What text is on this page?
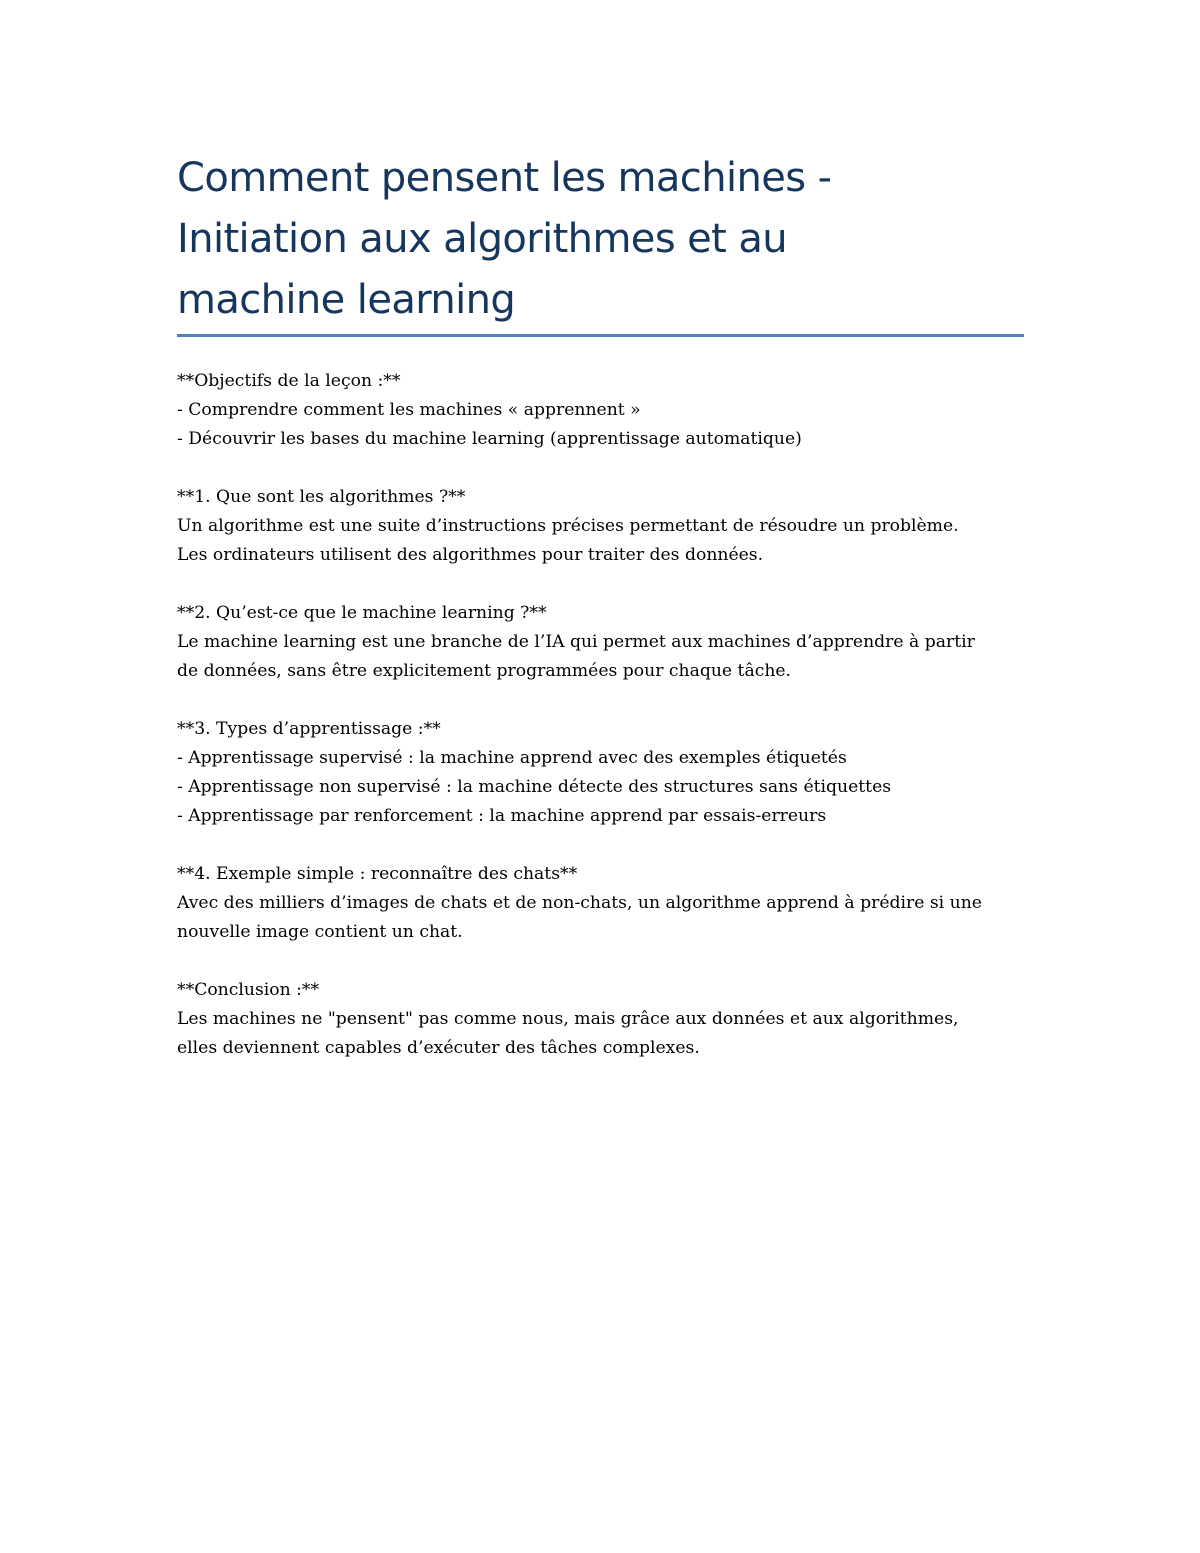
Comment pensent les machines -
Initiation aux algorithmes et au
machine learning
**Objectifs de la leçon :**
- Comprendre comment les machines « apprennent »
- Découvrir les bases du machine learning (apprentissage automatique)
**1. Que sont les algorithmes ?**
Un algorithme est une suite d’instructions précises permettant de résoudre un problème.
Les ordinateurs utilisent des algorithmes pour traiter des données.
**2. Qu’est-ce que le machine learning ?**
Le machine learning est une branche de l’IA qui permet aux machines d’apprendre à partir
de données, sans être explicitement programmées pour chaque tâche.
**3. Types d’apprentissage :**
- Apprentissage supervisé : la machine apprend avec des exemples étiquetés
- Apprentissage non supervisé : la machine détecte des structures sans étiquettes
- Apprentissage par renforcement : la machine apprend par essais-erreurs
**4. Exemple simple : reconnaître des chats**
Avec des milliers d’images de chats et de non-chats, un algorithme apprend à prédire si une
nouvelle image contient un chat.
**Conclusion :**
Les machines ne "pensent" pas comme nous, mais grâce aux données et aux algorithmes,
elles deviennent capables d’exécuter des tâches complexes.
